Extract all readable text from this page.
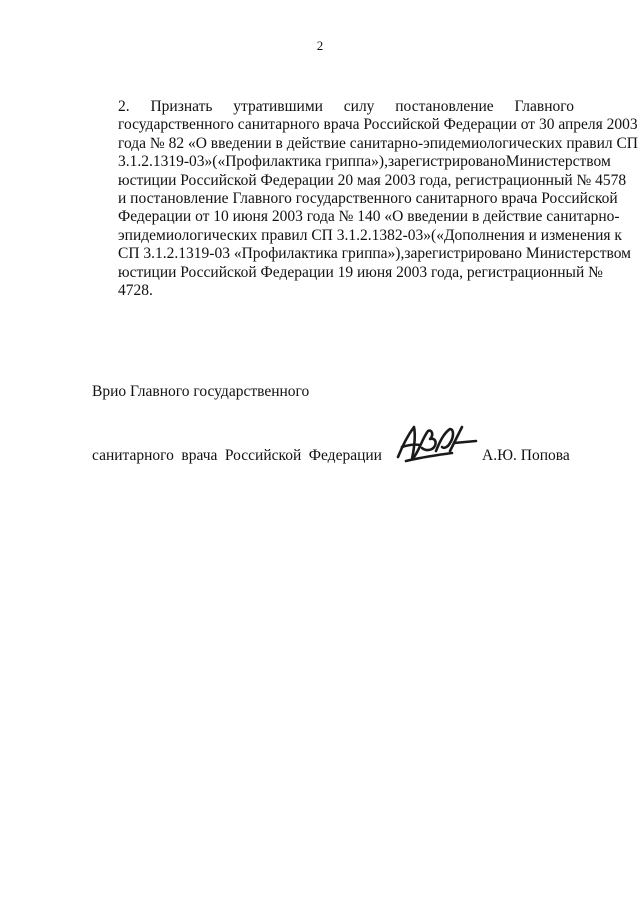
2
2. Признать утратившими силу постановление Главного
государственного санитарного врача Российской Федерации от 30 апреля 2003
года № 82 «О введении в действие санитарно-эпидемиологических правил СП
3.1.2.1319-03» («Профилактика гриппа»), зарегистрировано Министерством
юстиции Российской Федерации 20 мая 2003 года, регистрационный № 4578
и постановление Главного государственного санитарного врача Российской
Федерации от 10 июня 2003 года № 140 «О введении в действие санитарно-
эпидемиологических правил СП 3.1.2.1382-03» («Дополнения и изменения к
СП 3.1.2.1319-03 «Профилактика гриппа»), зарегистрировано Министерством
юстиции Российской Федерации 19 июня 2003 года, регистрационный №
4728.
Врио Главного государственного
санитарного врача Российской Федерации	А.Ю. Попова
